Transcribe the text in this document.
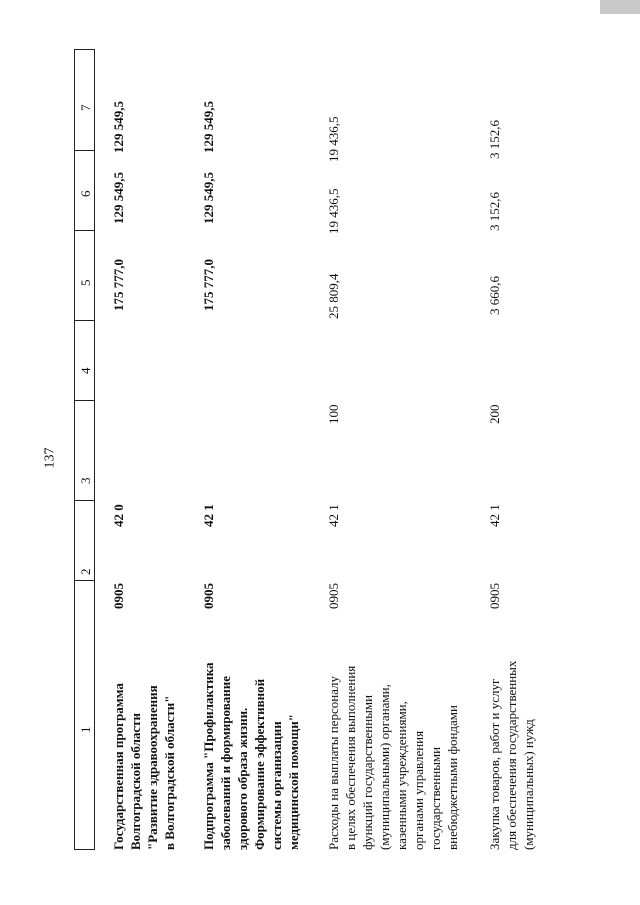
137
7
6
5
4
3
2
1
129 549,5
129 549,5
175 777,0
42 0
0905
Государственная программа Волгоградской области "Развитие здравоохранения в Волгоградской области"
129 549,5
129 549,5
175 777,0
42 1
0905
Подпрограмма "Профилактика заболеваний и формирование здорового образа жизни. Формирование эффективной системы организации медицинской помощи"
19 436,5
19 436,5
25 809,4
100
42 1
0905
Расходы на выплаты персоналу в целях обеспечения выполнения функций государственными (муниципальными) органами, казенными учреждениями, органами управления государственными внебюджетными фондами
3 152,6
3 152,6
3 660,6
200
42 1
0905
Закупка товаров, работ и услуг для обеспечения государственных (муниципальных) нужд
